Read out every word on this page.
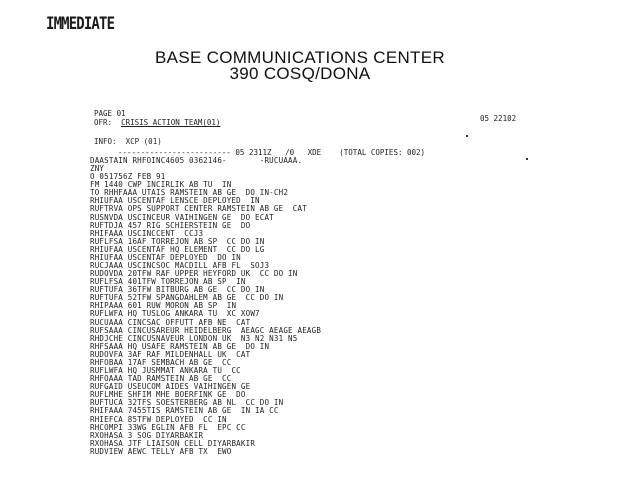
IMMEDIATE
BASE COMMUNICATIONS CENTER
390 COSQ/DONA
PAGE 01
OFR: CRISIS ACTION TEAM(01)	05 22102
INFO:  XCP (01)
------------------------- 05 2311Z   /0   XDE    (TOTAL COPIES: 002)
DAASTAIN RHFOINC4605 0362146-       -RUCUAAA.
ZNY
O 051756Z FEB 91
FM 1440 CWP INCIRLIK AB TU  IN
TO RHHFAAA UTAIS RAMSTEIN AB GE  DO IN-CH2
RHIUFAA USCENTAF LENSCE DEPLOYED  IN
RUFTRVA OPS SUPPORT CENTER RAMSTEIN AB GE  CAT
RUSNVDA USCINCEUR VAIHINGEN GE  DO ECAT
RUFTDJA 457 RIG SCHIERSTEIN GE  DO
RHIFAAA USCINCCENT  CCJ3
RUFLFSA 16AF TORREJON AB SP  CC DO IN
RHIUFAA USCENTAF HQ ELEMENT  CC DO LG
RHIUFAA USCENTAF DEPLOYED  DO IN
RUCJAAA USCINCSOC MACDILL AFB FL  SOJ3
RUDOVDA 20TFW RAF UPPER HEYFORD UK  CC DO IN
RUFLFSA 401TFW TORREJON AB SP  IN
RUFTUFA 36TFW BITBURG AB GE  CC DO IN
RUFTUFA 52TFW SPANGDAHLEM AB GE  CC DO IN
RHIPAAA 601 RUW MORON AB SP  IN
RUFLWFA HQ TUSLOG ANKARA TU  XC XOW7
RUCUAAA CINCSAC OFFUTT AFB NE  CAT
RUFSAAA CINCUSAREUR HEIDELBERG  AEAGC AEAGE AEAGB
RHDJCHE CINCUSNAVEUR LONDON UK  N3 N2 N31 N5
RHFSAAA HQ USAFE RAMSTEIN AB GE  DO IN
RUDOVFA 3AF RAF MILDENHALL UK  CAT
RHFOBAA 17AF SEMBACH AB GE  CC
RUFLWFA HQ JUSMMAT ANKARA TU  CC
RHFOAAA TAD RAMSTEIN AB GE  CC
RUFGAID USEUCOM AIDES VAIHINGEN GE
RUFLMHE SHFIM MHE BOERFINK GE  DO
RUFTUCA 32TFS SOESTERBERG AB NL  CC DO IN
RHIFAAA 7455TIS RAMSTEIN AB GE  IN IA CC
RHIEFCA 85TFW DEPLOYED  CC IN
RHCOMPI 33WG EGLIN AFB FL  EPC CC
RXOHASA 3 SOG DIYARBAKIR
RXOHASA JTF LIAISON CELL DIYARBAKIR
RUDVIEW AEWC TELLY AFB TX  EWO
